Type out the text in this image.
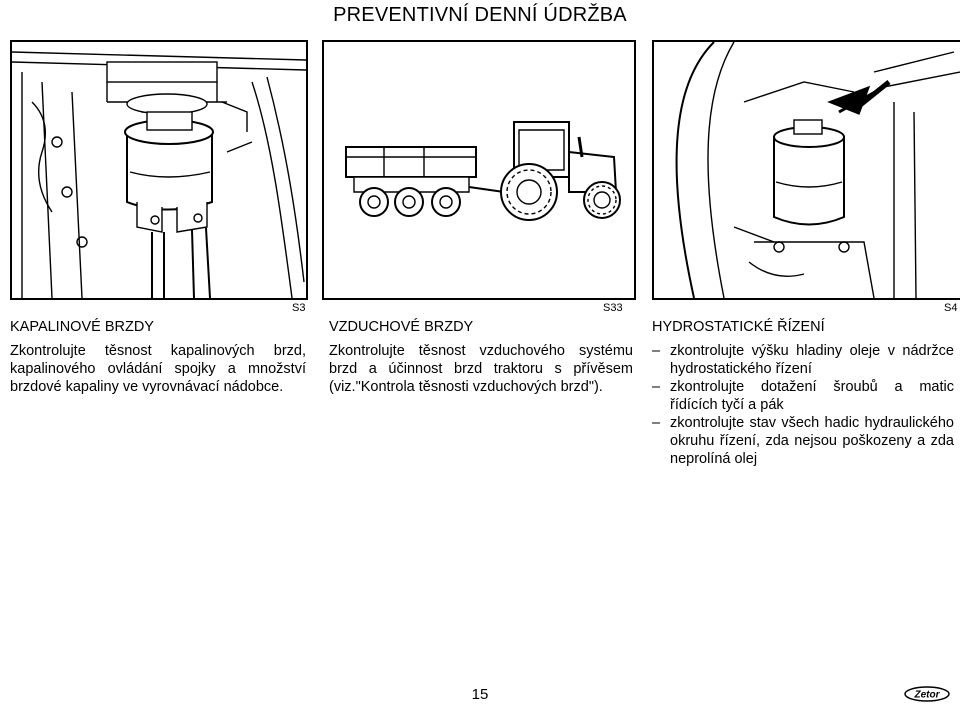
PREVENTIVNÍ DENNÍ ÚDRŽBA
S3	S33	S4
KAPALINOVÉ BRZDY

Zkontrolujte těsnost kapalinových brzd, kapalinového ovládání spojky a množství brzdové kapaliny ve vyrovnávací nádobce.

VZDUCHOVÉ BRZDY

Zkontrolujte těsnost vzduchového systému brzd a účinnost brzd traktoru s přívěsem (viz."Kontrola těsnosti vzduchových brzd").

HYDROSTATICKÉ ŘÍZENÍ
– zkontrolujte výšku hladiny oleje v nádržce hydrostatického řízení
– zkontrolujte dotažení šroubů a matic řídících tyčí a pák
– zkontrolujte stav všech hadic hydraulického okruhu řízení, zda nejsou poškozeny a zda neprolíná olej
15	Zetor
